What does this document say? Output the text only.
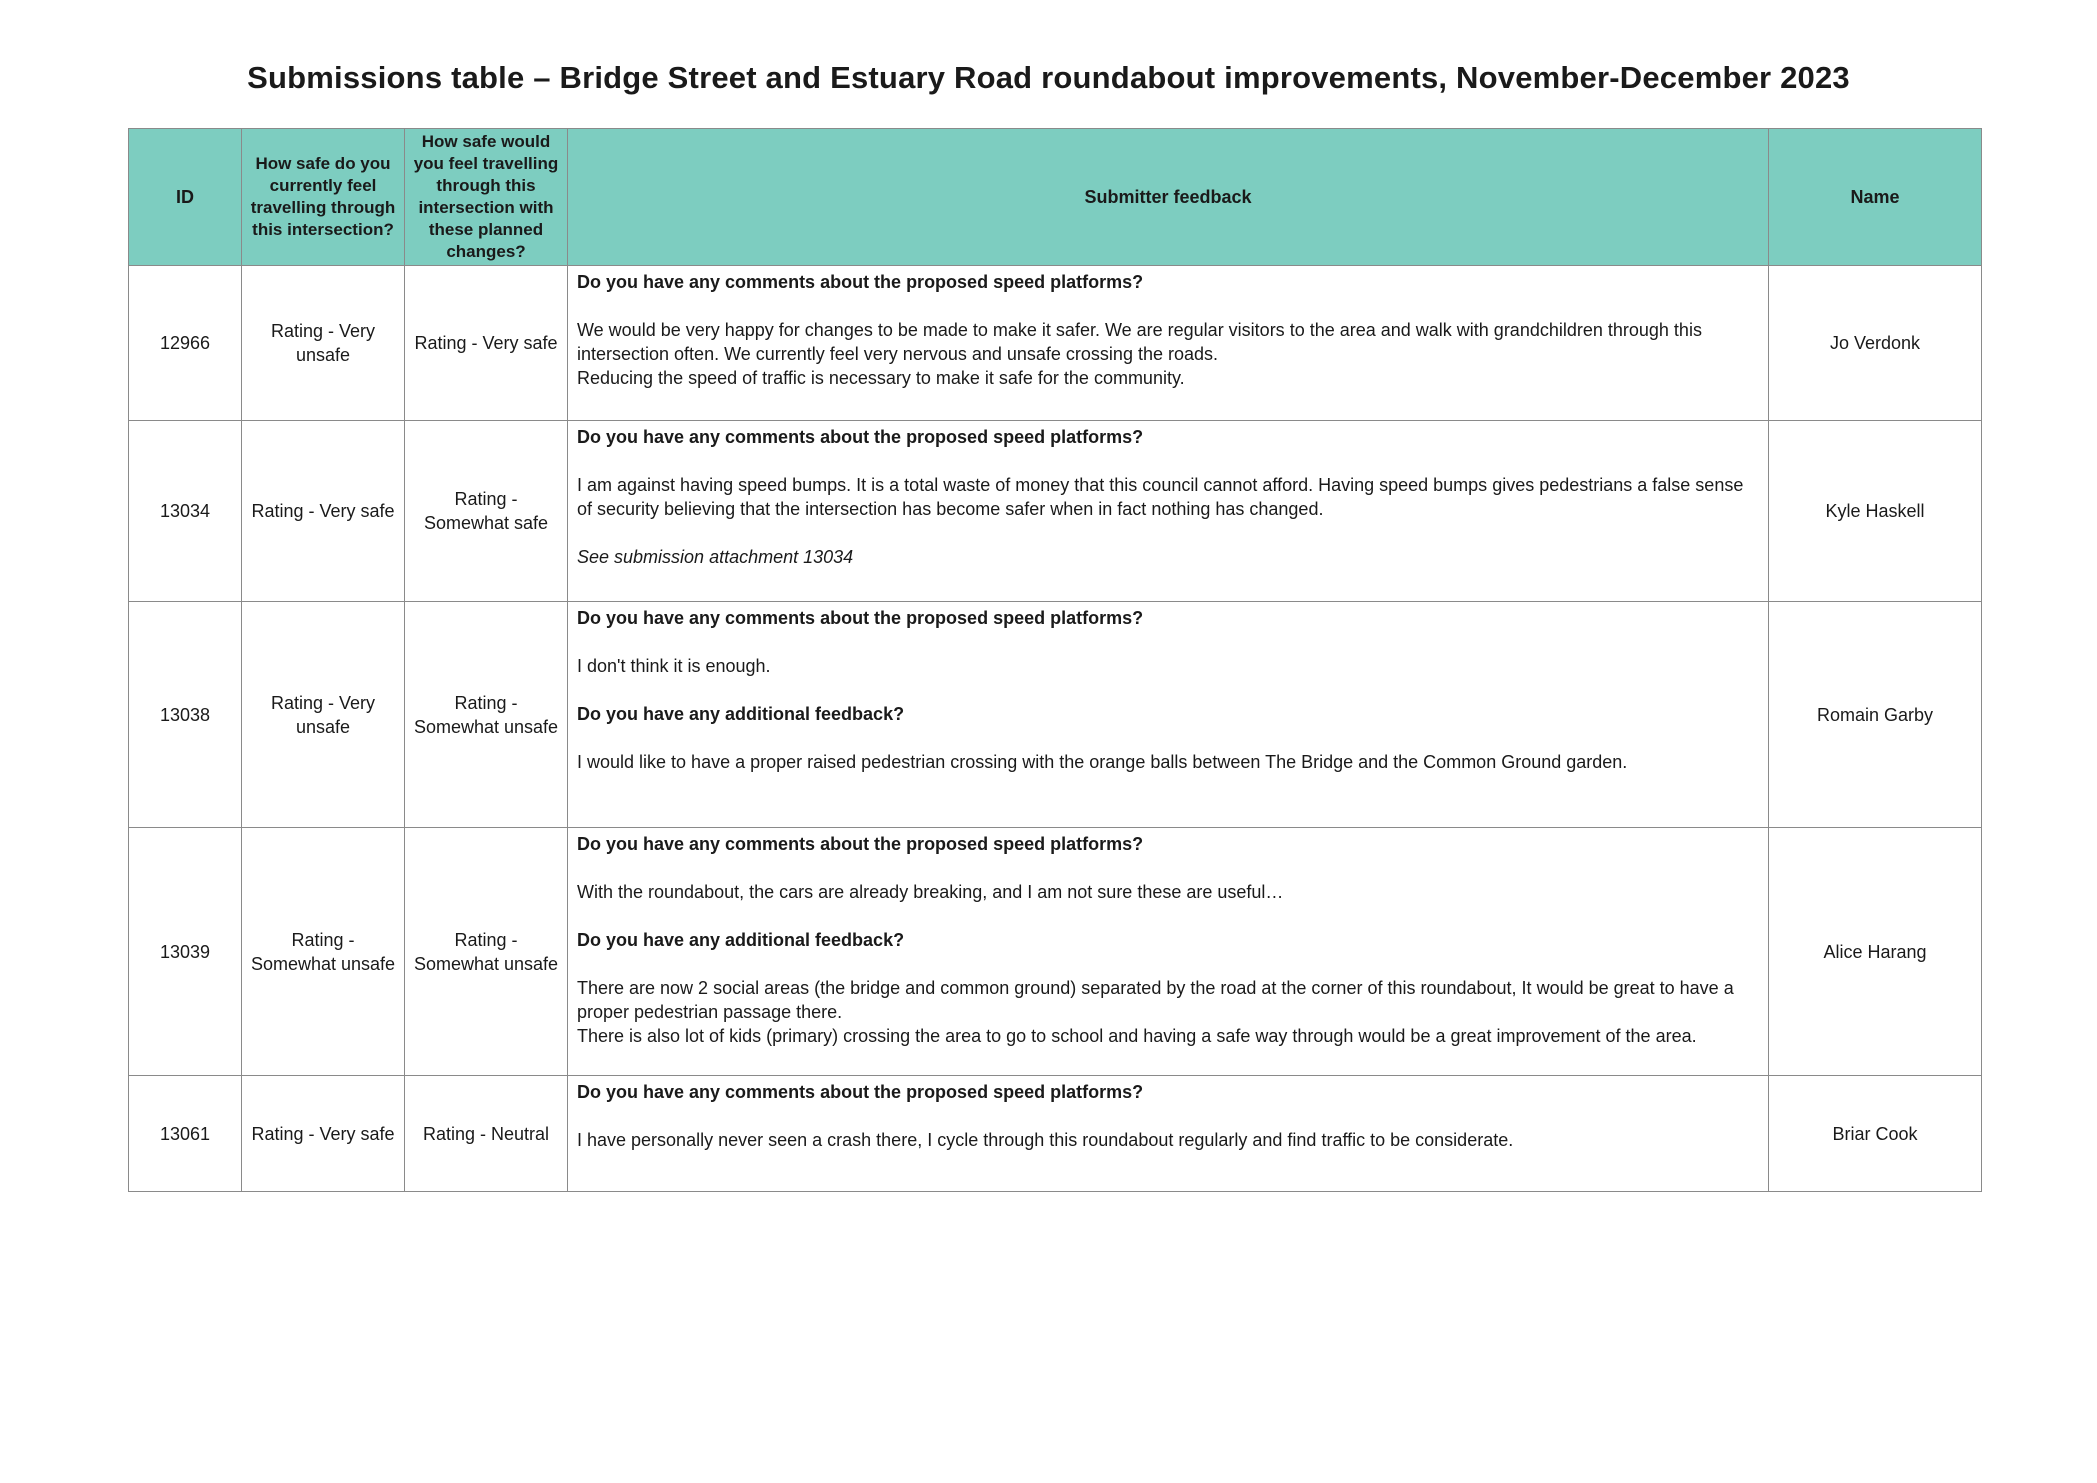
Submissions table – Bridge Street and Estuary Road roundabout improvements, November-December 2023
ID	How safe do you currently feel travelling through this intersection?	How safe would you feel travelling through this intersection with these planned changes?	Submitter feedback	Name
12966	Rating - Very unsafe	Rating - Very safe	Do you have any comments about the proposed speed platforms?

We would be very happy for changes to be made to make it safer. We are regular visitors to the area and walk with grandchildren through this intersection often. We currently feel very nervous and unsafe crossing the roads.

Reducing the speed of traffic is necessary to make it safe for the community.	Jo Verdonk
13034	Rating - Very safe	Rating - Somewhat safe	Do you have any comments about the proposed speed platforms?

I am against having speed bumps. It is a total waste of money that this council cannot afford. Having speed bumps gives pedestrians a false sense of security believing that the intersection has become safer when in fact nothing has changed.

See submission attachment 13034	Kyle Haskell
13038	Rating - Very unsafe	Rating - Somewhat unsafe	Do you have any comments about the proposed speed platforms?

I don't think it is enough.

Do you have any additional feedback?

I would like to have a proper raised pedestrian crossing with the orange balls between The Bridge and the Common Ground garden.	Romain Garby
13039	Rating - Somewhat unsafe	Rating - Somewhat unsafe	Do you have any comments about the proposed speed platforms?

With the roundabout, the cars are already breaking, and I am not sure these are useful…

Do you have any additional feedback?

There are now 2 social areas (the bridge and common ground) separated by the road at the corner of this roundabout, It would be great to have a proper pedestrian passage there.

There is also lot of kids (primary) crossing the area to go to school and having a safe way through would be a great improvement of the area.	Alice Harang
13061	Rating - Very safe	Rating - Neutral	Do you have any comments about the proposed speed platforms?

I have personally never seen a crash there, I cycle through this roundabout regularly and find traffic to be considerate.	Briar Cook
